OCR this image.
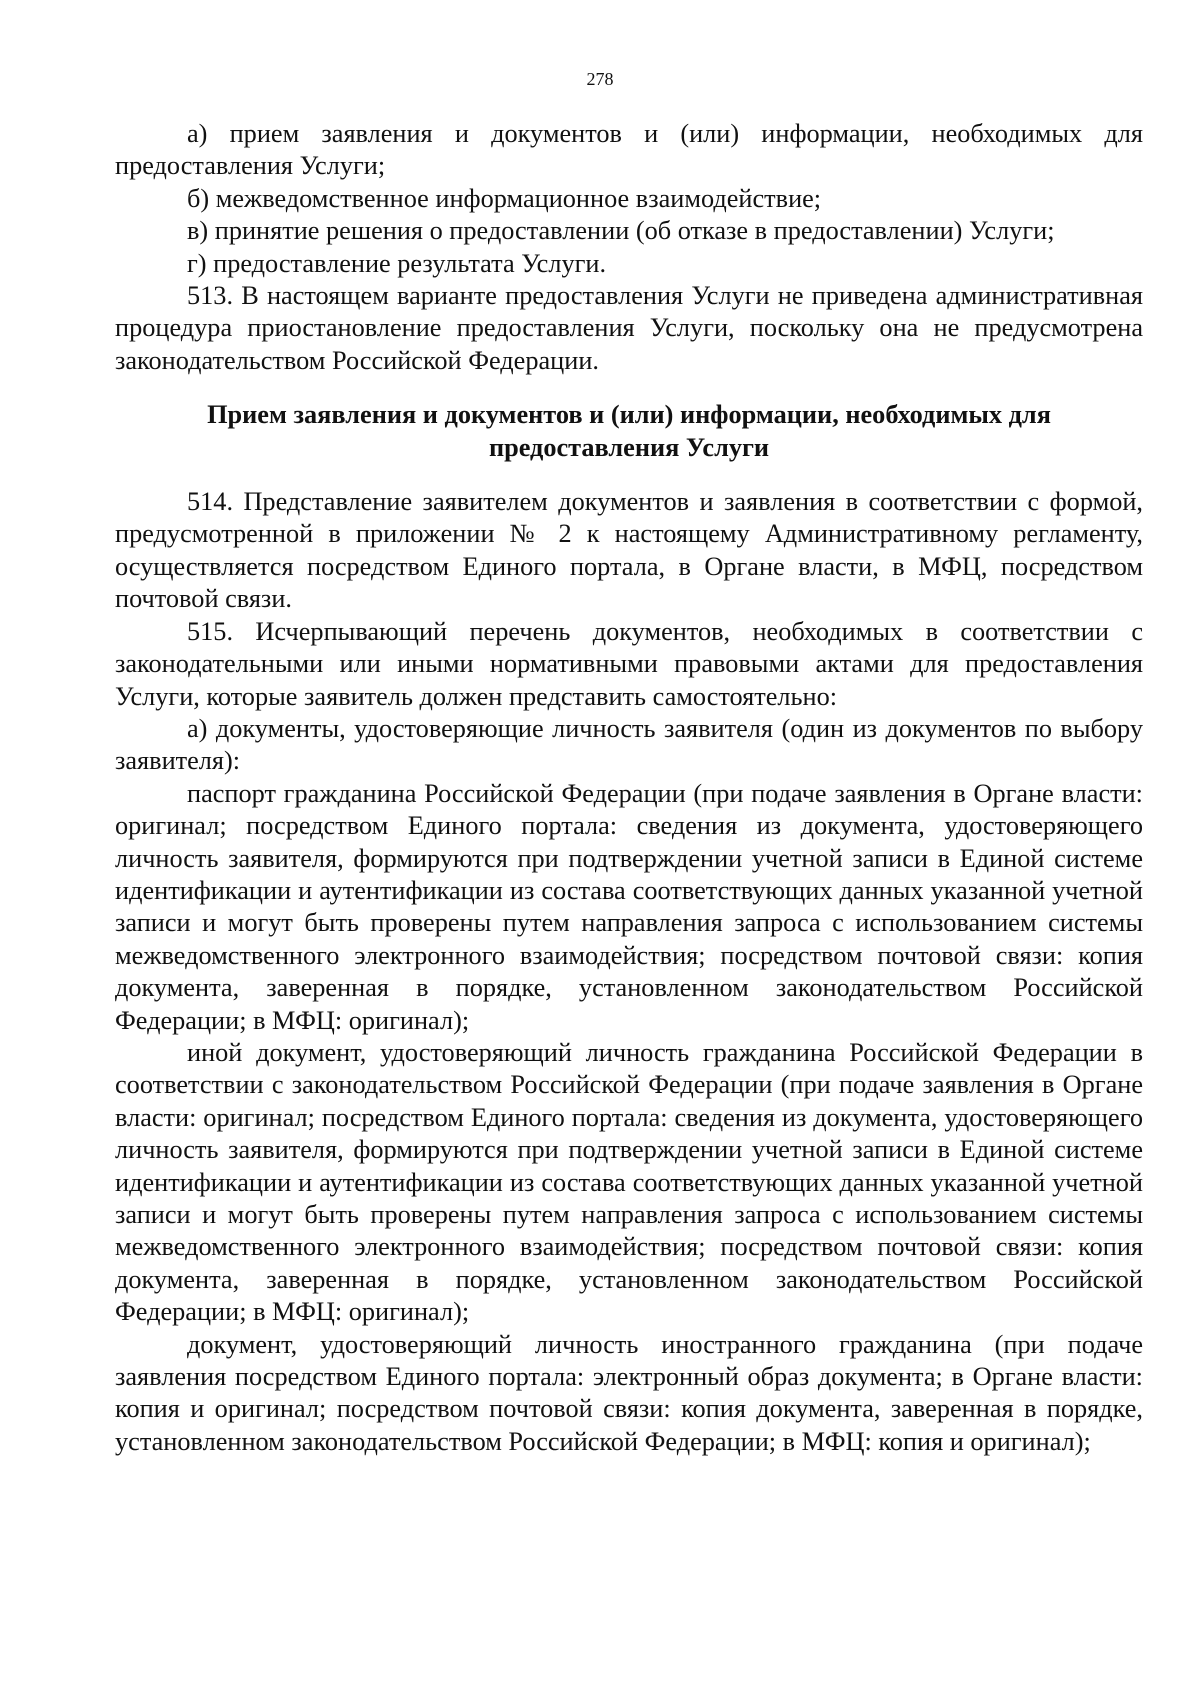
278

а) прием заявления и документов и (или) информации, необходимых для предоставления Услуги;

б) межведомственное информационное взаимодействие;

в) принятие решения о предоставлении (об отказе в предоставлении) Услуги;

г) предоставление результата Услуги.

513. В настоящем варианте предоставления Услуги не приведена административная процедура приостановление предоставления Услуги, поскольку она не предусмотрена законодательством Российской Федерации.

Прием заявления и документов и (или) информации, необходимых для предоставления Услуги

514. Представление заявителем документов и заявления в соответствии с формой, предусмотренной в приложении № 2 к настоящему Административному регламенту, осуществляется посредством Единого портала, в Органе власти, в МФЦ, посредством почтовой связи.

515. Исчерпывающий перечень документов, необходимых в соответствии с законодательными или иными нормативными правовыми актами для предоставления Услуги, которые заявитель должен представить самостоятельно:

а) документы, удостоверяющие личность заявителя (один из документов по выбору заявителя):

паспорт гражданина Российской Федерации (при подаче заявления в Органе власти: оригинал; посредством Единого портала: сведения из документа, удостоверяющего личность заявителя, формируются при подтверждении учетной записи в Единой системе идентификации и аутентификации из состава соответствующих данных указанной учетной записи и могут быть проверены путем направления запроса с использованием системы межведомственного электронного взаимодействия; посредством почтовой связи: копия документа, заверенная в порядке, установленном законодательством Российской Федерации; в МФЦ: оригинал);

иной документ, удостоверяющий личность гражданина Российской Федерации в соответствии с законодательством Российской Федерации (при подаче заявления в Органе власти: оригинал; посредством Единого портала: сведения из документа, удостоверяющего личность заявителя, формируются при подтверждении учетной записи в Единой системе идентификации и аутентификации из состава соответствующих данных указанной учетной записи и могут быть проверены путем направления запроса с использованием системы межведомственного электронного взаимодействия; посредством почтовой связи: копия документа, заверенная в порядке, установленном законодательством Российской Федерации; в МФЦ: оригинал);

документ, удостоверяющий личность иностранного гражданина (при подаче заявления посредством Единого портала: электронный образ документа; в Органе власти: копия и оригинал; посредством почтовой связи: копия документа, заверенная в порядке, установленном законодательством Российской Федерации; в МФЦ: копия и оригинал);
